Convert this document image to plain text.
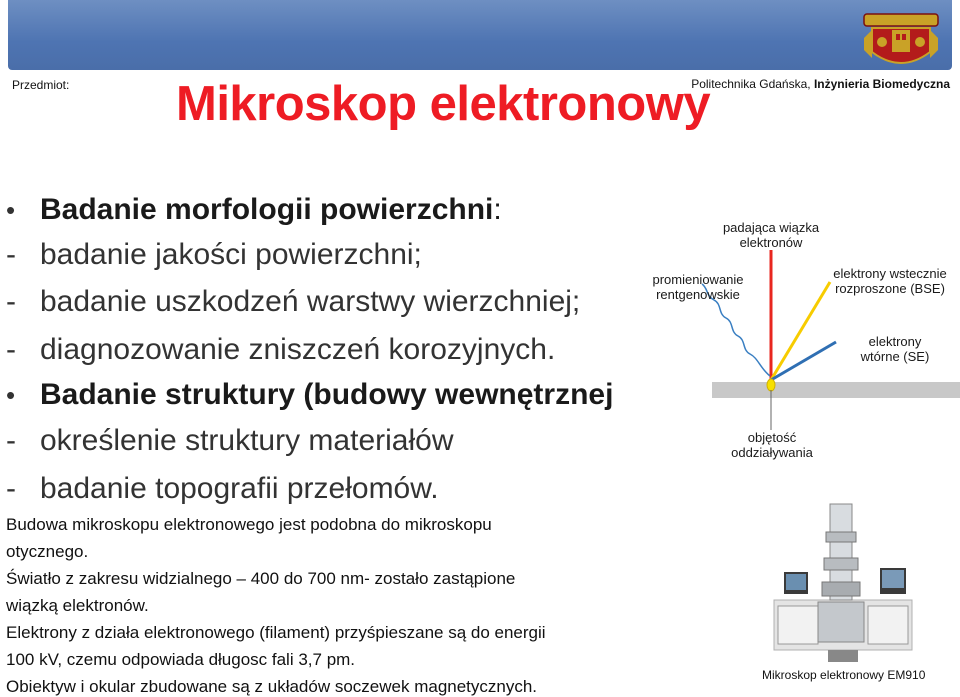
Przedmiot:	Politechnika Gdańska, Inżynieria Biomedyczna
Mikroskop elektronowy
• Badanie morfologii powierzchni:
- badanie jakości powierzchni;
- badanie uszkodzeń warstwy wierzchniej;
- diagnozowanie zniszczeń korozyjnych.
• Badanie struktury (budowy wewnętrznej
- określenie struktury materiałów
- badanie topografii przełomów.
Budowa mikroskopu elektronowego jest podobna do mikroskopu
otycznego.
Światło z zakresu widzialnego – 400 do 700 nm- zostało zastąpione
wiązką elektronów.
Elektrony z działa elektronowego (filament) przyśpieszane są do energii
100 kV, czemu odpowiada długosc fali 3,7 pm.
Obiektyw i okular zbudowane są z układów soczewek magnetycznych.
padająca wiązka
elektronów
promieniowanie
rentgenowskie
elektrony wstecznie
rozproszone (BSE)
elektrony
wtórne (SE)
objętość
oddziaływania
Mikroskop elektronowy EM910
